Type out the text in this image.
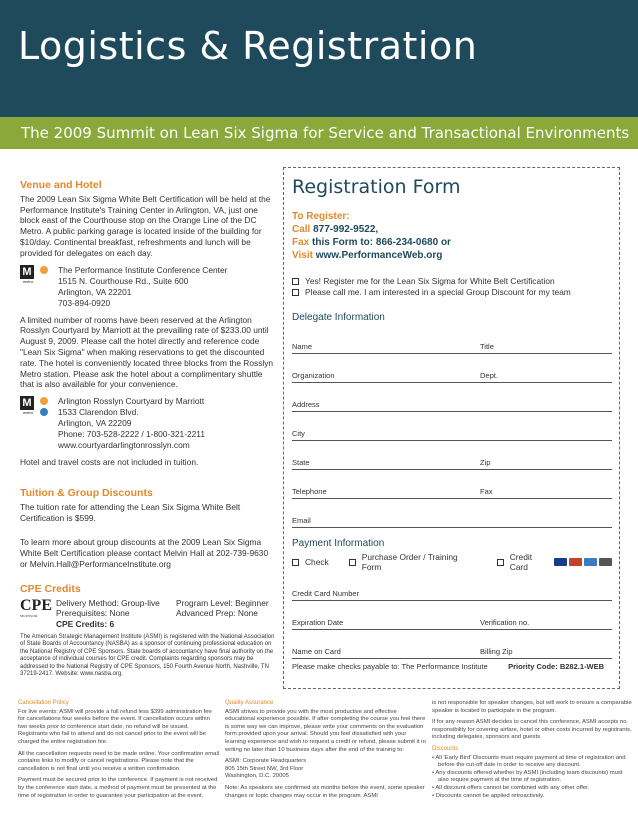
Logistics & Registration
The 2009 Summit on Lean Six Sigma for Service and Transactional Environments
Venue and Hotel
The 2009 Lean Six Sigma White Belt Certification will be held at the Performance Institute's Training Center in Arlington, VA, just one block east of the Courthouse stop on the Orange Line of the DC Metro. A public parking garage is located inside of the building for $10/day. Continental breakfast, refreshments and lunch will be provided for delegates on each day.
M
metro
The Performance Institute Conference Center
1515 N. Courthouse Rd., Suite 600
Arlington, VA 22201
703-894-0920
A limited number of rooms have been reserved at the Arlington Rosslyn Courtyard by Marriott at the prevailing rate of $233.00 until August 9, 2009. Please call the hotel directly and reference code "Lean Six Sigma" when making reservations to get the discounted rate. The hotel is conveniently located three blocks from the Rosslyn Metro station. Please ask the hotel about a complimentary shuttle that is also available for your convenience.
M
metro
Arlington Rosslyn Courtyard by Marriott
1533 Clarendon Blvd.
Arlington, VA 22209
Phone: 703-528-2222 / 1-800-321-2211
www.courtyardarlingtonrosslyn.com
Hotel and travel costs are not included in tuition.
Tuition & Group Discounts
The tuition rate for attending the Lean Six Sigma White Belt Certification is $599.
To learn more about group discounts at the 2009 Lean Six Sigma White Belt Certification please contact Melvin Hall at 202-739-9630 or Melvin.Hall@PerformanceInstitute.org
CPE Credits
CPE
SPONSOR
Delivery Method: Group-live	Program Level: Beginner
Prerequisites: None	Advanced Prep: None
CPE Credits: 6
The American Strategic Management Institute (ASMI) is registered with the National Association of State Boards of Accountancy (NASBA) as a sponsor of continuing professional education on the National Registry of CPE Sponsors. State boards of accountancy have final authority on the acceptance of individual courses for CPE credit. Complaints regarding sponsors may be addressed to the National Registry of CPE Sponsors, 150 Fourth Avenue North, Nashville, TN 37219-2417. Website: www.nasba.org.
Registration Form
To Register:
Call 877-992-9522,
Fax this Form to: 866-234-0680 or
Visit www.PerformanceWeb.org
Yes! Register me for the Lean Six Sigma for White Belt Certification
Please call me. I am interested in a special Group Discount for my team
Delegate Information
Name	Title
Organization	Dept.
Address
City
State	Zip
Telephone	Fax
Email
Payment Information
Check	Purchase Order / Training Form
Credit Card
Credit Card Number
Expiration Date	Verification no.
Name on Card	Billing Zip
Please make checks payable to: The Performance Institute	Priority Code: B282.1-WEB
Cancellation Policy
For live events: ASMI will provide a full refund less $399 administration fee for cancellations four weeks before the event. If cancellation occurs within two weeks prior to conference start date, no refund will be issued. Registrants who fail to attend and do not cancel prior to the event will be charged the entire registration fee.
All the cancellation requests need to be made online. Your confirmation email contains links to modify or cancel registrations. Please note that the cancellation is not final until you receive a written confirmation.
Payment must be secured prior to the conference. If payment is not received by the conference start date, a method of payment must be presented at the time of registration in order to guarantee your participation at the event.
Quality Assurance
ASMI strives to provide you with the most productive and effective educational experience possible. If after completing the course you feel there is some way we can improve, please write your comments on the evaluation form provided upon your arrival. Should you feel dissatisfied with your learning experience and wish to request a credit or refund, please submit it in writing no later than 10 business days after the end of the training to:
ASMI: Corporate Headquarters
805 15th Street NW, 3rd Floor
Washington, D.C. 20005
Note: As speakers are confirmed six months before the event, some speaker changes or topic changes may occur in the program. ASMI
is not responsible for speaker changes, but will work to ensure a comparable speaker is located to participate in the program.
If for any reason ASMI decides to cancel this conference, ASMI accepts no responsibility for covering airfare, hotel or other costs incurred by registrants, including delegates, sponsors and guests.
Discounts
• All 'Early Bird' Discounts must require payment at time of registration and before the cut-off date in order to receive any discount.
• Any discounts offered whether by ASMI (including team discounts) must also require payment at the time of registration.
• All discount offers cannot be combined with any other offer.
• Discounts cannot be applied retroactively.
